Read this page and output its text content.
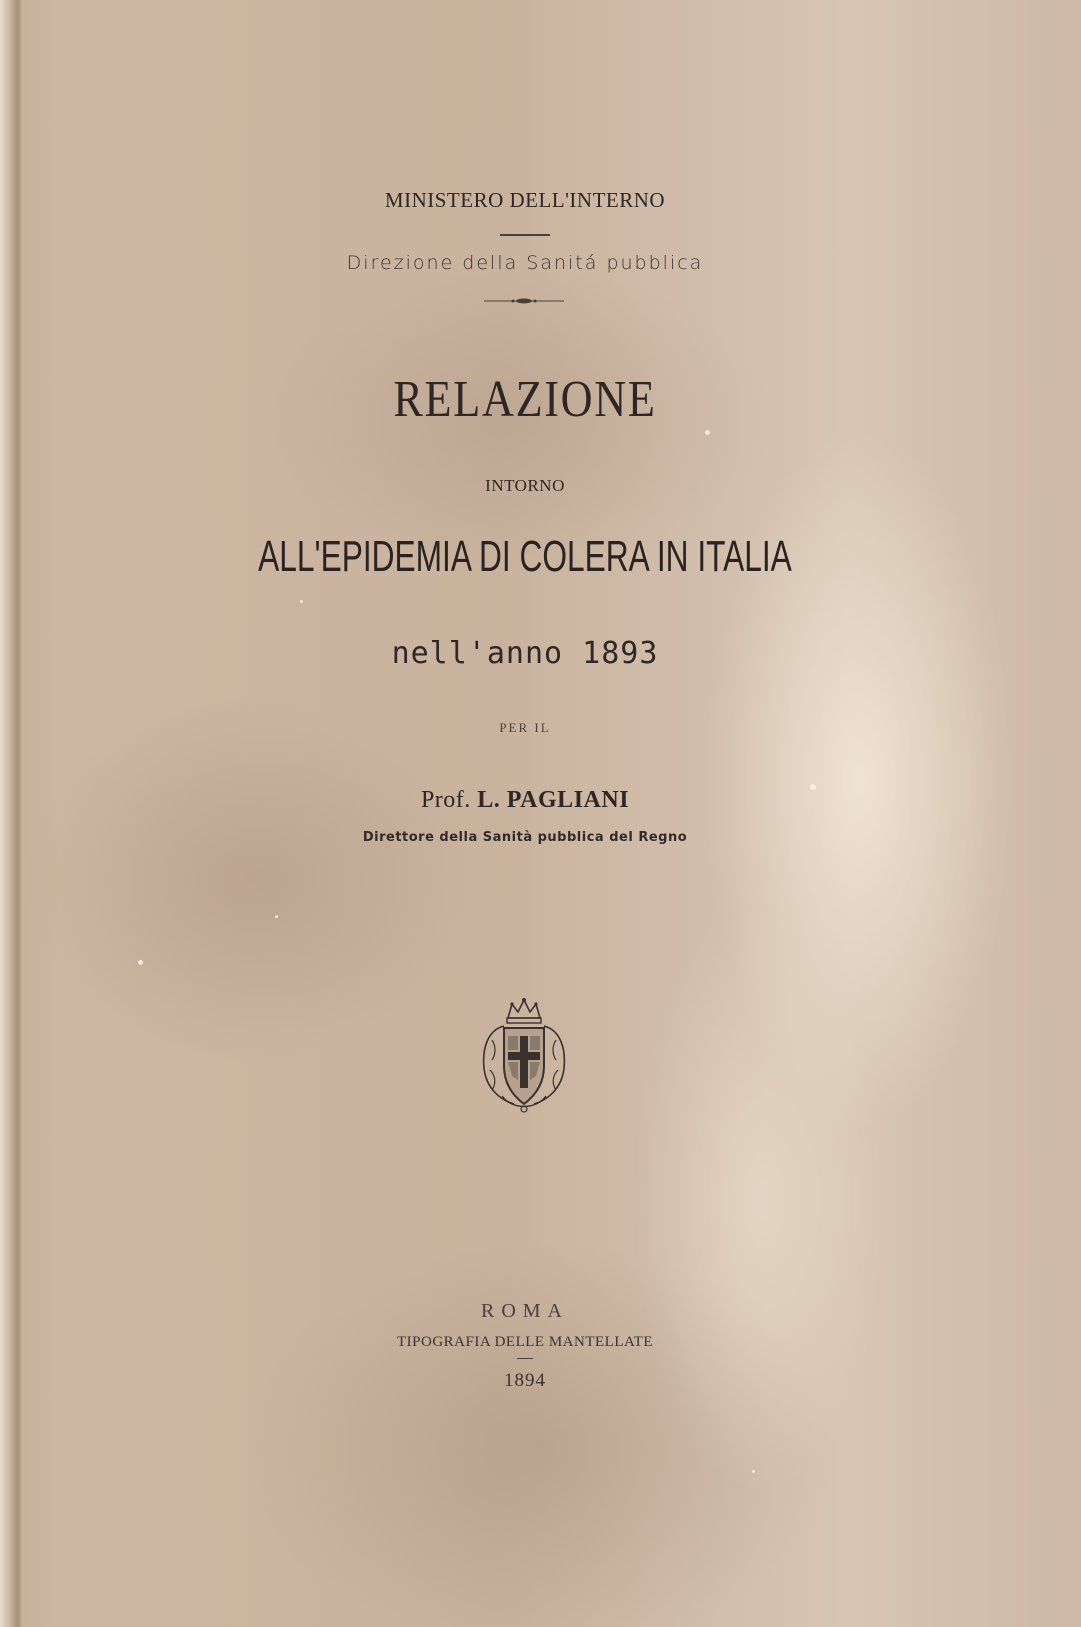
MINISTERO DELL'INTERNO
Direzione della Sanitá pubblica
RELAZIONE
INTORNO
ALL'EPIDEMIA DI COLERA IN ITALIA
nell'anno 1893
PER IL
Prof. L. PAGLIANI
Direttore della Sanità pubblica del Regno
ROMA
TIPOGRAFIA DELLE MANTELLATE
1894
